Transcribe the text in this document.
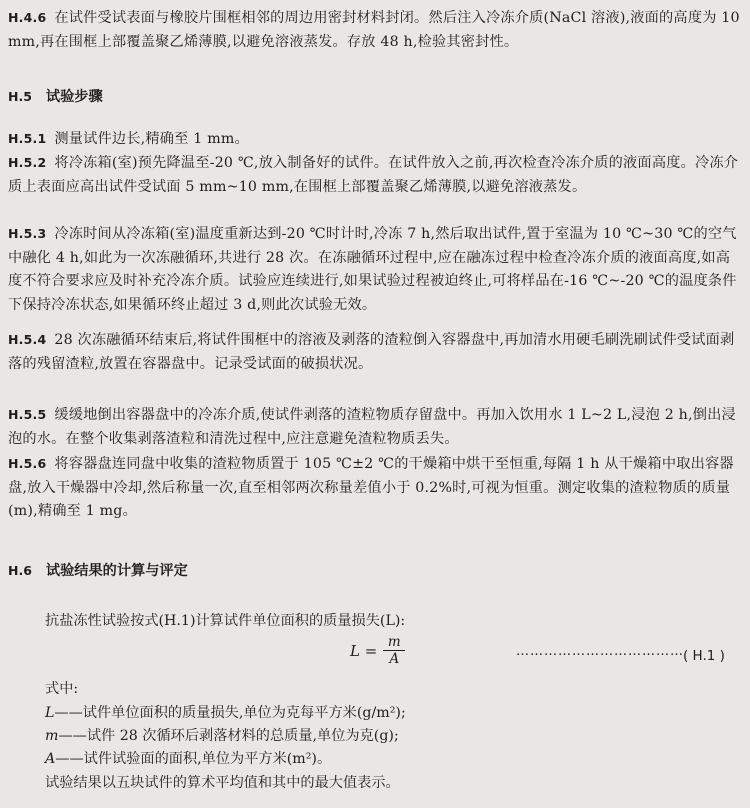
H.4.6 在试件受试表面与橡胶片围框相邻的周边用密封材料封闭。然后注入冷冻介质(NaCl 溶液),液面的高度为 10 mm,再在围框上部覆盖聚乙烯薄膜,以避免溶液蒸发。存放 48 h,检验其密封性。
H.5 试验步骤
H.5.1 测量试件边长,精确至 1 mm。
H.5.2 将冷冻箱(室)预先降温至-20 ℃,放入制备好的试件。在试件放入之前,再次检查冷冻介质的液面高度。冷冻介质上表面应高出试件受试面 5 mm~10 mm,在围框上部覆盖聚乙烯薄膜,以避免溶液蒸发。
H.5.3 冷冻时间从冷冻箱(室)温度重新达到-20 ℃时计时,冷冻 7 h,然后取出试件,置于室温为 10 ℃~30 ℃的空气中融化 4 h,如此为一次冻融循环,共进行 28 次。在冻融循环过程中,应在融冻过程中检查冷冻介质的液面高度,如高度不符合要求应及时补充冷冻介质。试验应连续进行,如果试验过程被迫终止,可将样品在-16 ℃~-20 ℃的温度条件下保持冷冻状态,如果循环终止超过 3 d,则此次试验无效。
H.5.4 28 次冻融循环结束后,将试件围框中的溶液及剥落的渣粒倒入容器盘中,再加清水用硬毛刷洗刷试件受试面剥落的残留渣粒,放置在容器盘中。记录受试面的破损状况。
H.5.5 缓缓地倒出容器盘中的冷冻介质,使试件剥落的渣粒物质存留盘中。再加入饮用水 1 L~2 L,浸泡 2 h,倒出浸泡的水。在整个收集剥落渣粒和清洗过程中,应注意避免渣粒物质丢失。
H.5.6 将容器盘连同盘中收集的渣粒物质置于 105 ℃±2 ℃的干燥箱中烘干至恒重,每隔 1 h 从干燥箱中取出容器盘,放入干燥器中冷却,然后称量一次,直至相邻两次称量差值小于 0.2%时,可视为恒重。测定收集的渣粒物质的质量(m),精确至 1 mg。
H.6 试验结果的计算与评定
抗盐冻性试验按式(H.1)计算试件单位面积的质量损失(L):
$L = \frac{m}{A}$	……………………………… ( H.1 )
式中:
L——试件单位面积的质量损失,单位为克每平方米(g/m²);
m——试件 28 次循环后剥落材料的总质量,单位为克(g);
A——试件试验面的面积,单位为平方米(m²)。
试验结果以五块试件的算术平均值和其中的最大值表示。
